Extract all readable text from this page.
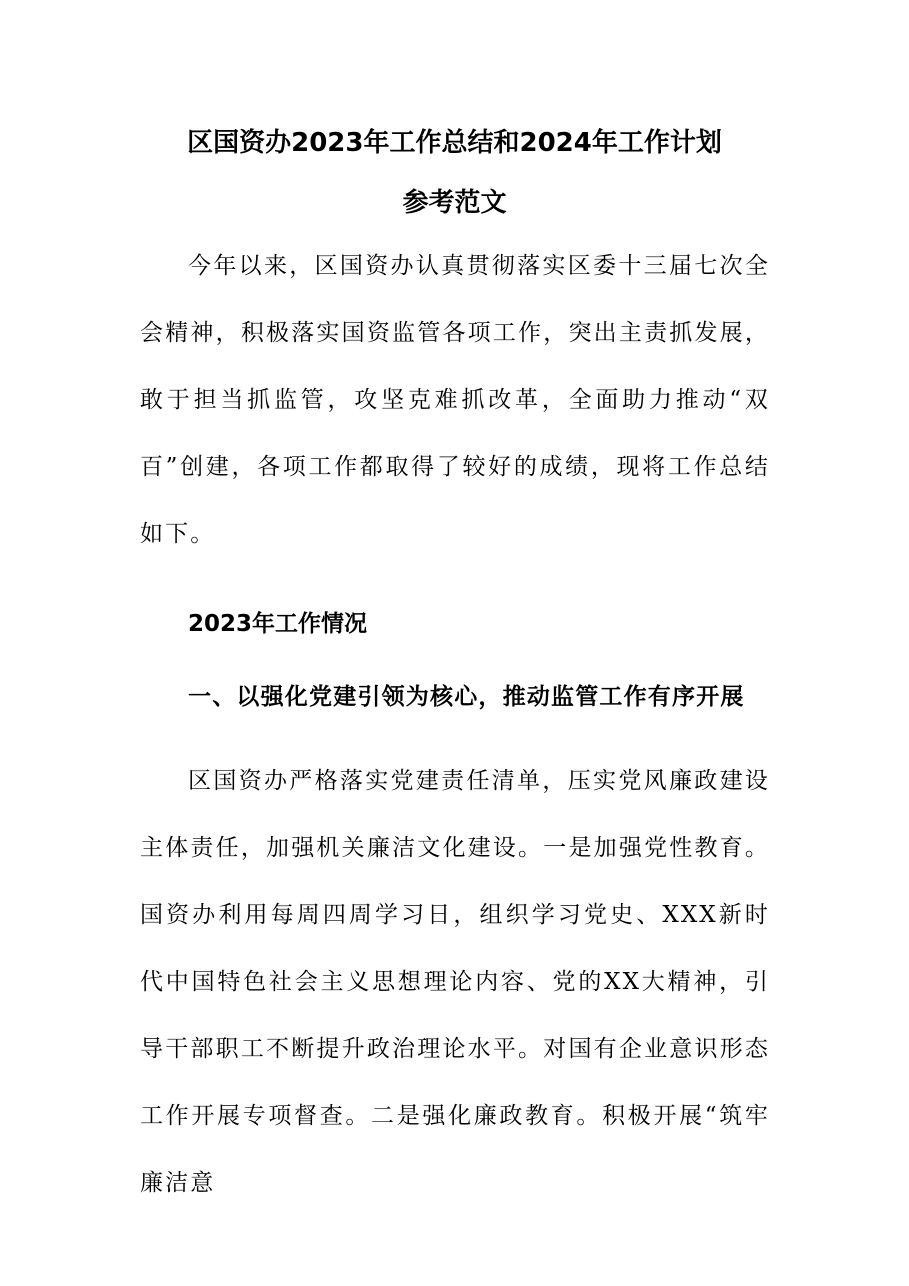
区国资办2023年工作总结和2024年工作计划
参考范文
今年以来，区国资办认真贯彻落实区委十三届七次全会精神，积极落实国资监管各项工作，突出主责抓发展，敢于担当抓监管，攻坚克难抓改革，全面助力推动“双百”创建，各项工作都取得了较好的成绩，现将工作总结如下。
2023年工作情况
一、以强化党建引领为核心，推动监管工作有序开展
区国资办严格落实党建责任清单，压实党风廉政建设主体责任，加强机关廉洁文化建设。一是加强党性教育。国资办利用每周四周学习日，组织学习党史、XXX新时代中国特色社会主义思想理论内容、党的XX大精神，引导干部职工不断提升政治理论水平。对国有企业意识形态工作开展专项督查。二是强化廉政教育。积极开展“筑牢廉洁意
